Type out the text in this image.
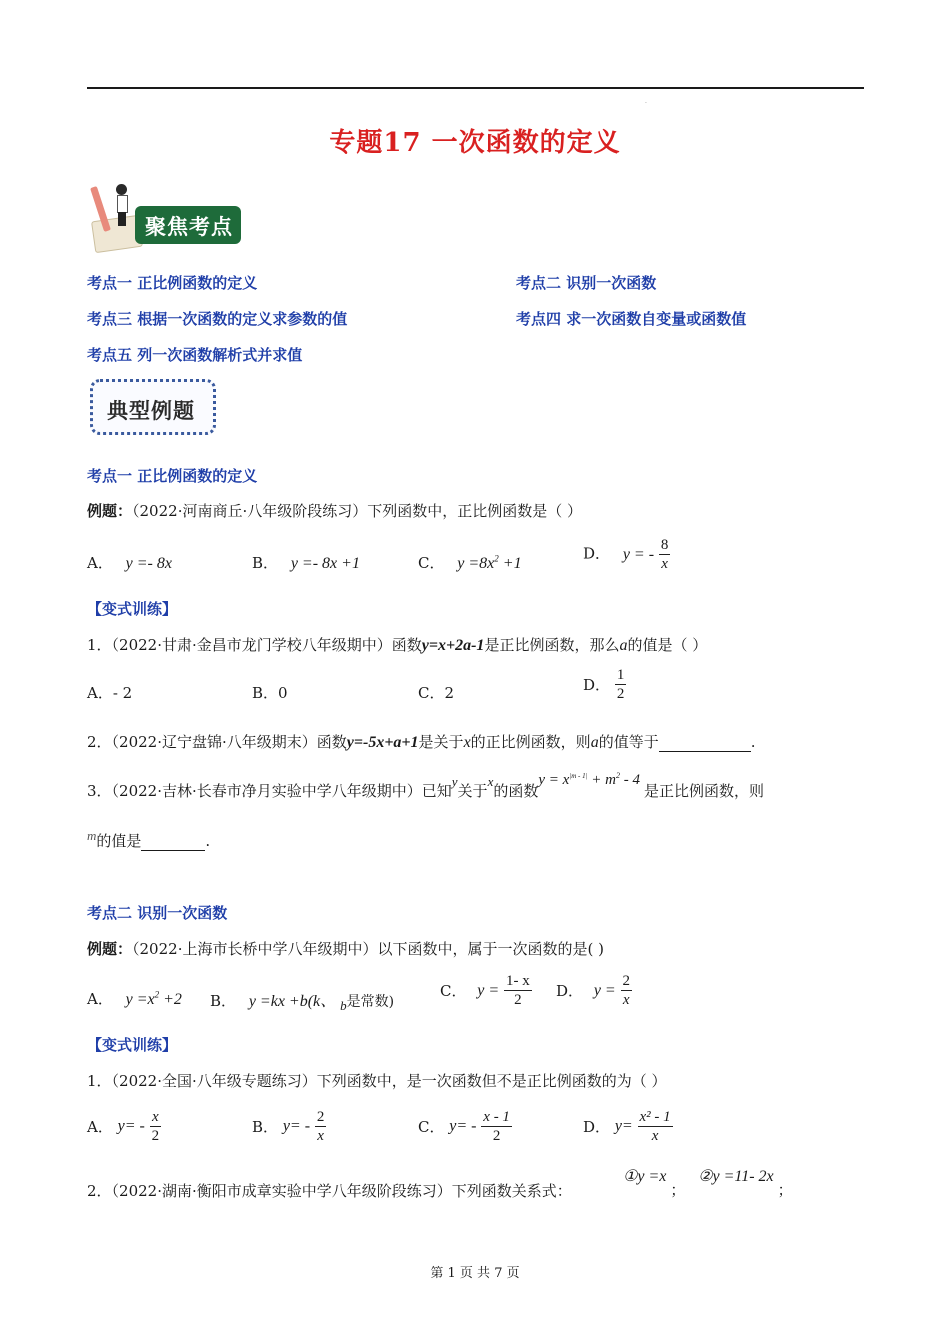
.
专题17 一次函数的定义
聚焦考点
考点一 正比例函数的定义	考点二 识别一次函数
考点三 根据一次函数的定义求参数的值	考点四 求一次函数自变量或函数值
考点五 列一次函数解析式并求值
典型例题
考点一 正比例函数的定义
例题：（2022·河南商丘·八年级阶段练习）下列函数中，正比例函数是（ ）
A． y =- 8x	B． y =- 8x +1	C． $y =8x^2 +1$
D． y = - $\frac{8}{x}$
【变式训练】
1．（2022·甘肃·金昌市龙门学校八年级期中）函数y=x+2a-1是正比例函数，那么a的值是（ ）
A．- 2	B．0	C．2	D． $\frac{1}{2}$
2．（2022·辽宁盘锦·八年级期末）函数y=-5x+a+1是关于x的正比例函数，则a的值等于	.
3．（2022·吉林·长春市净月实验中学八年级期中）已知y关于x的函数$y = x^{|m - 1|} + m^2 - 4$是正比例函数，则
m的值是	.
考点二 识别一次函数
例题：（2022·上海市长桥中学八年级期中）以下函数中，属于一次函数的是( )
A． $y =x^2 +2$ B． y =kx +b(k、 b是常数)
C． $y = \frac{1- x}{2}$ D． $y = \frac{2}{x}$
【变式训练】
1．（2022·全国·八年级专题练习）下列函数中，是一次函数但不是正比例函数的为（ ）
A． $y= - \frac{x}{2}$	B． $y= - \frac{2}{x}$	C． $y= - \frac{x - 1}{2}$	D． $y= \frac{\text{x² - 1}}{x}$
2．（2022·湖南·衡阳市成章实验中学八年级阶段练习）下列函数关系式：
①y =x； ②y =11- 2x；
第 1 页 共 7 页
